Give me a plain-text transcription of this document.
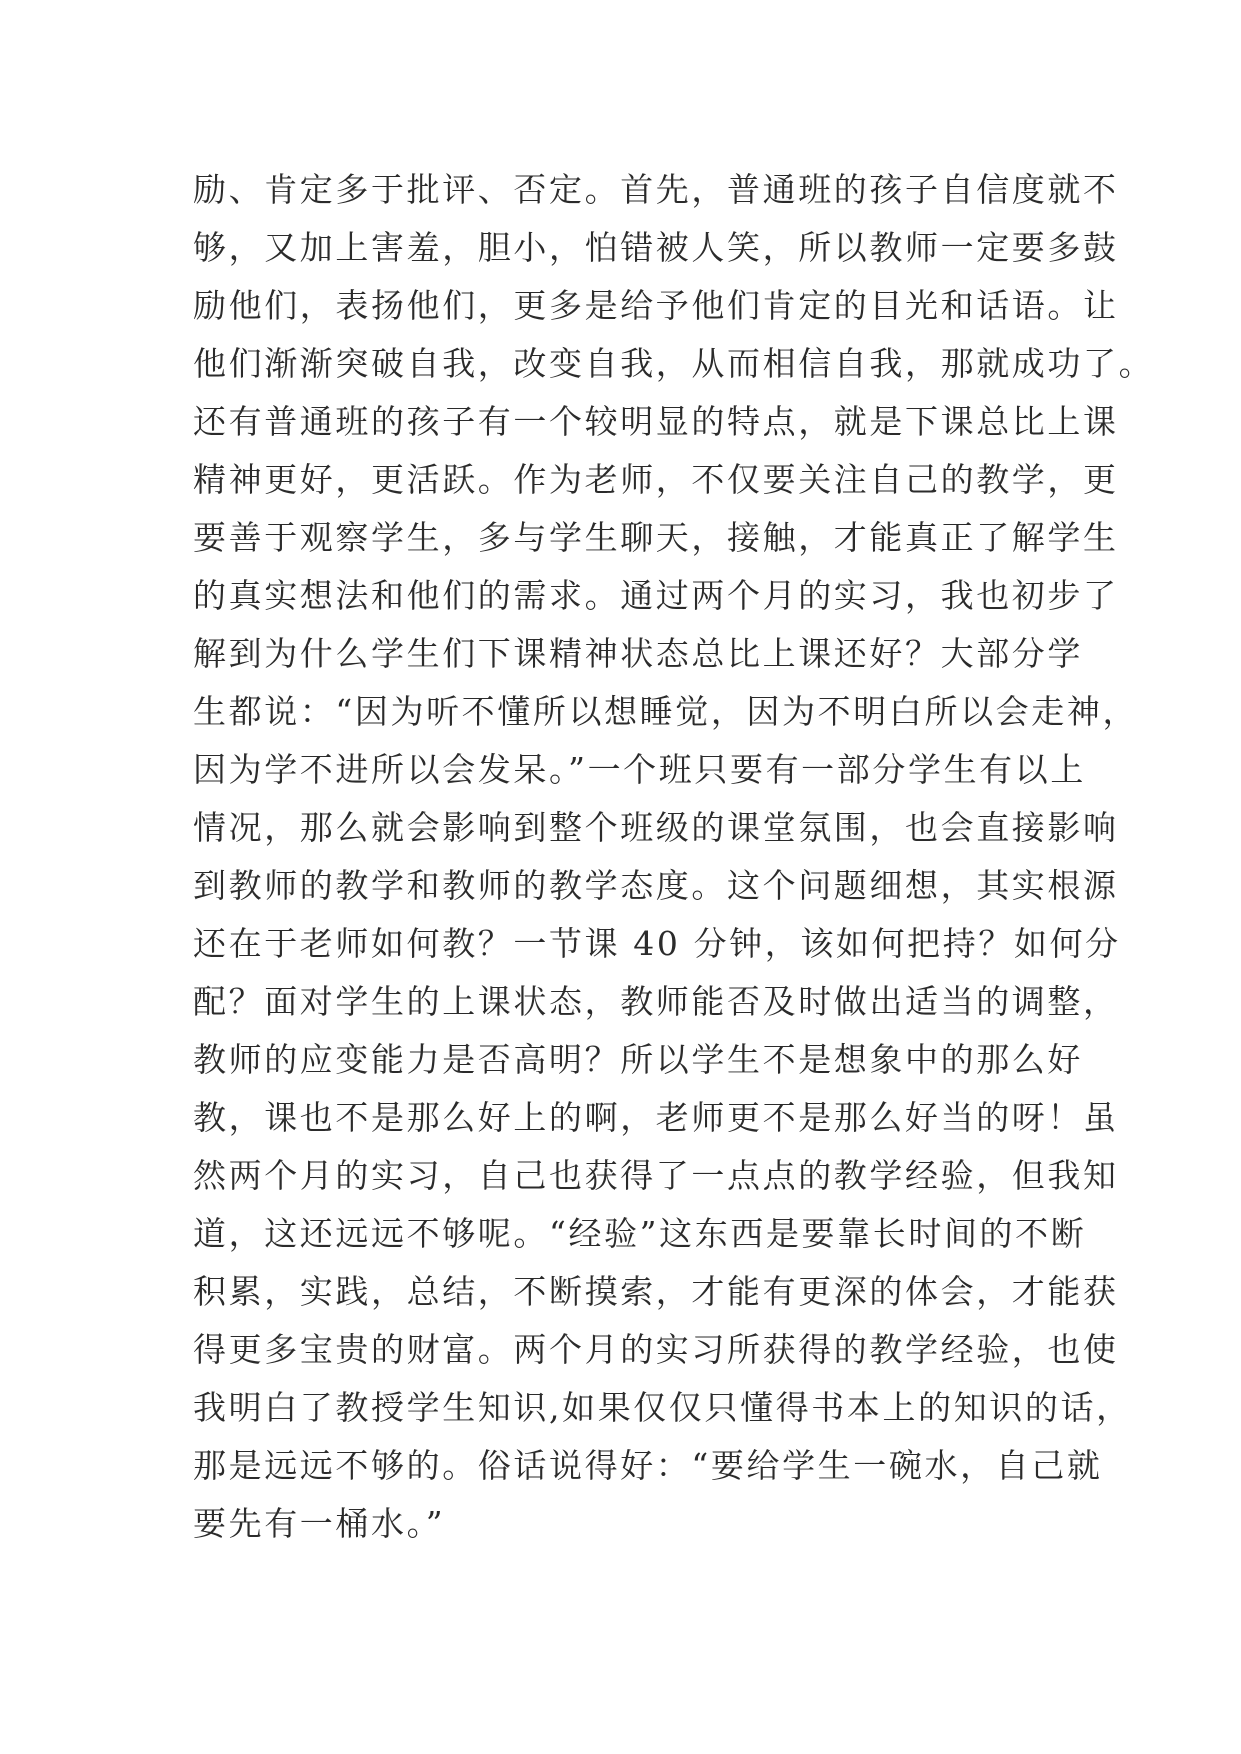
励、肯定多于批评、否定。首先，普通班的孩子自信度就不
够，又加上害羞，胆小，怕错被人笑，所以教师一定要多鼓
励他们，表扬他们，更多是给予他们肯定的目光和话语。让
他们渐渐突破自我，改变自我，从而相信自我，那就成功了。
还有普通班的孩子有一个较明显的特点，就是下课总比上课
精神更好，更活跃。作为老师，不仅要关注自己的教学，更
要善于观察学生，多与学生聊天，接触，才能真正了解学生
的真实想法和他们的需求。通过两个月的实习，我也初步了
解到为什么学生们下课精神状态总比上课还好？大部分学
生都说：“因为听不懂所以想睡觉，因为不明白所以会走神，
因为学不进所以会发呆。”一个班只要有一部分学生有以上
情况，那么就会影响到整个班级的课堂氛围，也会直接影响
到教师的教学和教师的教学态度。这个问题细想，其实根源
还在于老师如何教？一节课 40 分钟，该如何把持？如何分
配？面对学生的上课状态，教师能否及时做出适当的调整，
教师的应变能力是否高明？所以学生不是想象中的那么好
教，课也不是那么好上的啊，老师更不是那么好当的呀！虽
然两个月的实习，自己也获得了一点点的教学经验，但我知
道，这还远远不够呢。“经验”这东西是要靠长时间的不断
积累，实践，总结，不断摸索，才能有更深的体会，才能获
得更多宝贵的财富。两个月的实习所获得的教学经验，也使
我明白了教授学生知识,如果仅仅只懂得书本上的知识的话，
那是远远不够的。俗话说得好：“要给学生一碗水，自己就
要先有一桶水。”
